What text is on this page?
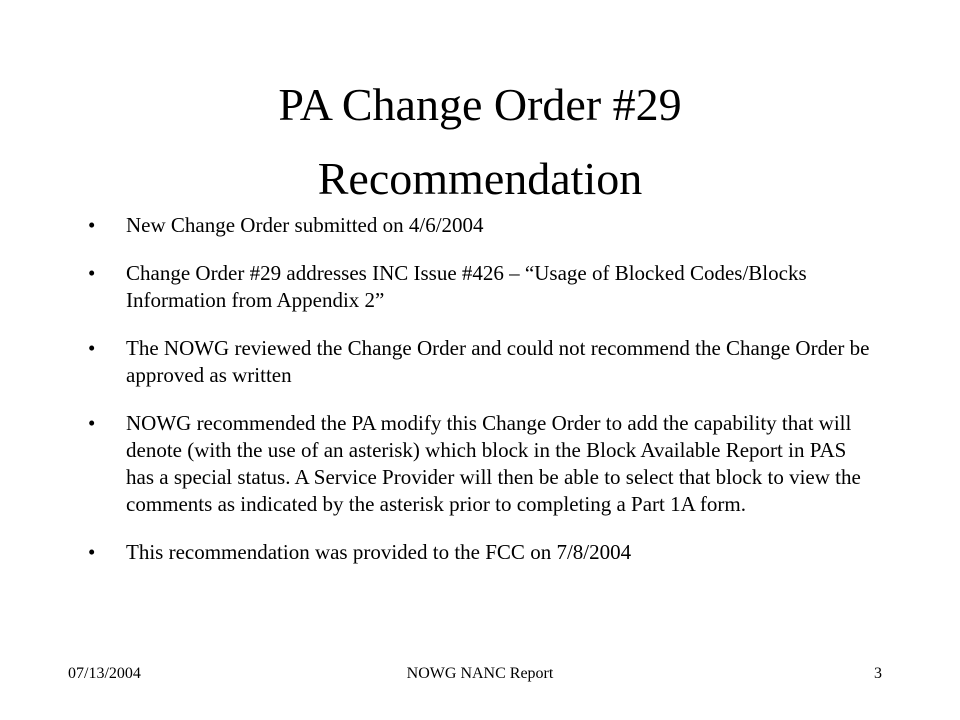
PA Change Order #29
Recommendation
•	New Change Order submitted on 4/6/2004
•	Change Order #29 addresses INC Issue #426 – “Usage of Blocked Codes/Blocks Information from Appendix 2”
•	The NOWG reviewed the Change Order and could not recommend the Change Order be approved as written
•	NOWG recommended the PA modify this Change Order to add the capability that will denote (with the use of an asterisk) which block in the Block Available Report in PAS has a special status. A Service Provider will then be able to select that block to view the comments as indicated by the asterisk prior to completing a Part 1A form.
•	This recommendation was provided to the FCC on 7/8/2004
07/13/2004	NOWG NANC Report	3
